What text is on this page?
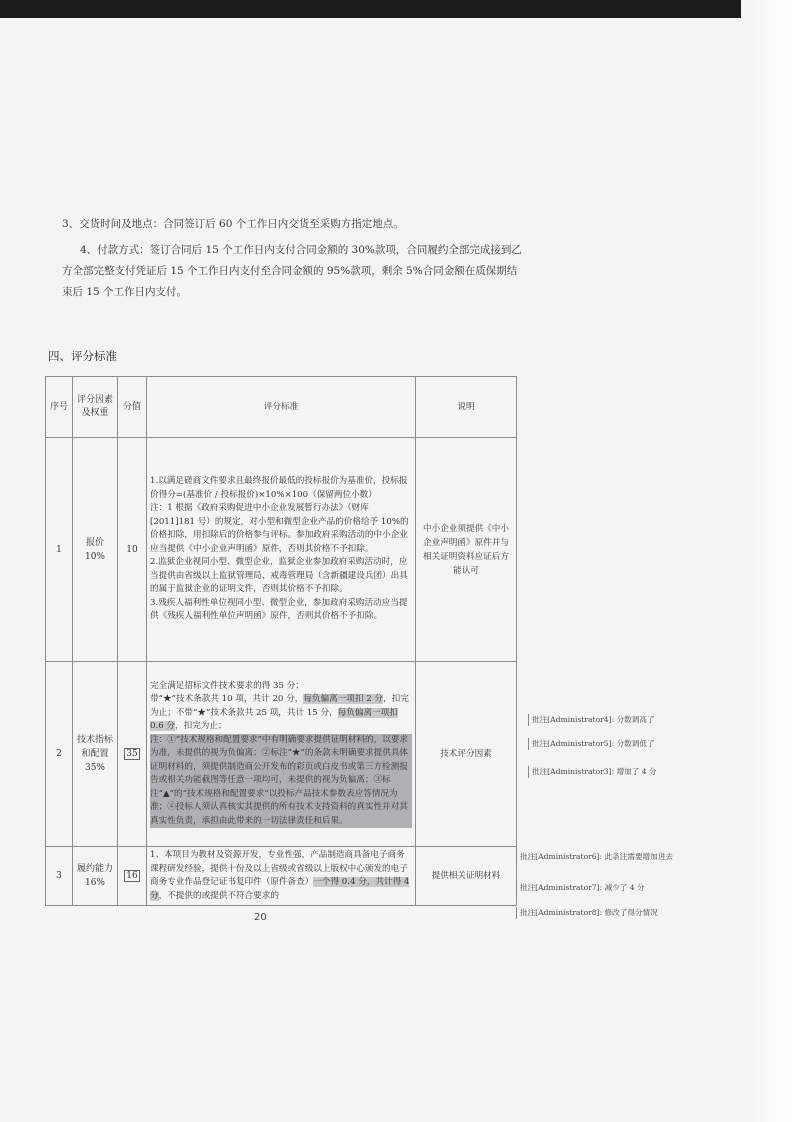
3、交货时间及地点：合同签订后 60 个工作日内交货至采购方指定地点。
4、付款方式：签订合同后 15 个工作日内支付合同金额的 30%款项，合同履约全部完成接到乙方全部完整支付凭证后 15 个工作日内支付至合同金额的 95%款项，剩余 5%合同金额在质保期结束后 15 个工作日内支付。
四、评分标准
序号	评分因素及权重	分值	评分标准	说明
1	报价 10%	10	1.以满足磋商文件要求且最终报价最低的投标报价为基准价，投标报价得分=(基准价 / 投标报价)×10%×100（保留两位小数）
注：1 根据《政府采购促进中小企业发展暂行办法》（财库[2011]181 号）的规定，对小型和微型企业产品的价格给予 10%的价格扣除，用扣除后的价格参与评标。参加政府采购活动的中小企业应当提供《中小企业声明函》原件，否则其价格不予扣除。
2.监狱企业视同小型、微型企业，监狱企业参加政府采购活动时，应当提供由省级以上监狱管理局、戒毒管理局（含新疆建设兵团）出具的属于监狱企业的证明文件，否则其价格不予扣除。
3.残疾人福利性单位视同小型、微型企业，参加政府采购活动应当提供《残疾人福利性单位声明函》原件，否则其价格不予扣除。	中小企业须提供《中小企业声明函》原件并与相关证明资料应证后方能认可
2	技术指标和配置 35%	35	完全满足招标文件技术要求的得 35 分；
带“★”技术条款共 10 项，共计 20 分，每负偏离一项扣 2 分，扣完为止；不带“★”技术条款共 25 项，共计 15 分，每负偏离一项扣 0.6 分，扣完为止；
注：①“技术规格和配置要求”中有明确要求提供证明材料的，以要求为准，未提供的视为负偏离；②标注“★”的条款未明确要求提供具体证明材料的，须提供制造商公开发布的彩页或白皮书或第三方检测报告或相关功能截图等任意一项均可，未提供的视为负偏离；③标注“▲”的“技术规格和配置要求”以投标产品技术参数表应答情况为准；④投标人须认真核实其提供的所有技术支持资料的真实性并对其真实性负责，承担由此带来的一切法律责任和后果。	技术评分因素
3	履约能力 16%	16	1、本项目为教材及资源开发，专业性强，产品制造商具备电子商务课程研发经验，提供十份及以上省级或省级以上版权中心颁发的电子商务专业作品登记证书复印件（原件备查）一个得 0.4 分，共计得 4 分，不提供的或提供不符合要求的	提供相关证明材料
批注[Administrator4]: 分数调高了
批注[Administrator5]: 分数调低了
批注[Administrator3]: 增加了 4 分
批注[Administrator6]: 此条注需要增加进去
批注[Administrator7]: 减少了 4 分
批注[Administrator8]: 修改了得分情况
20
